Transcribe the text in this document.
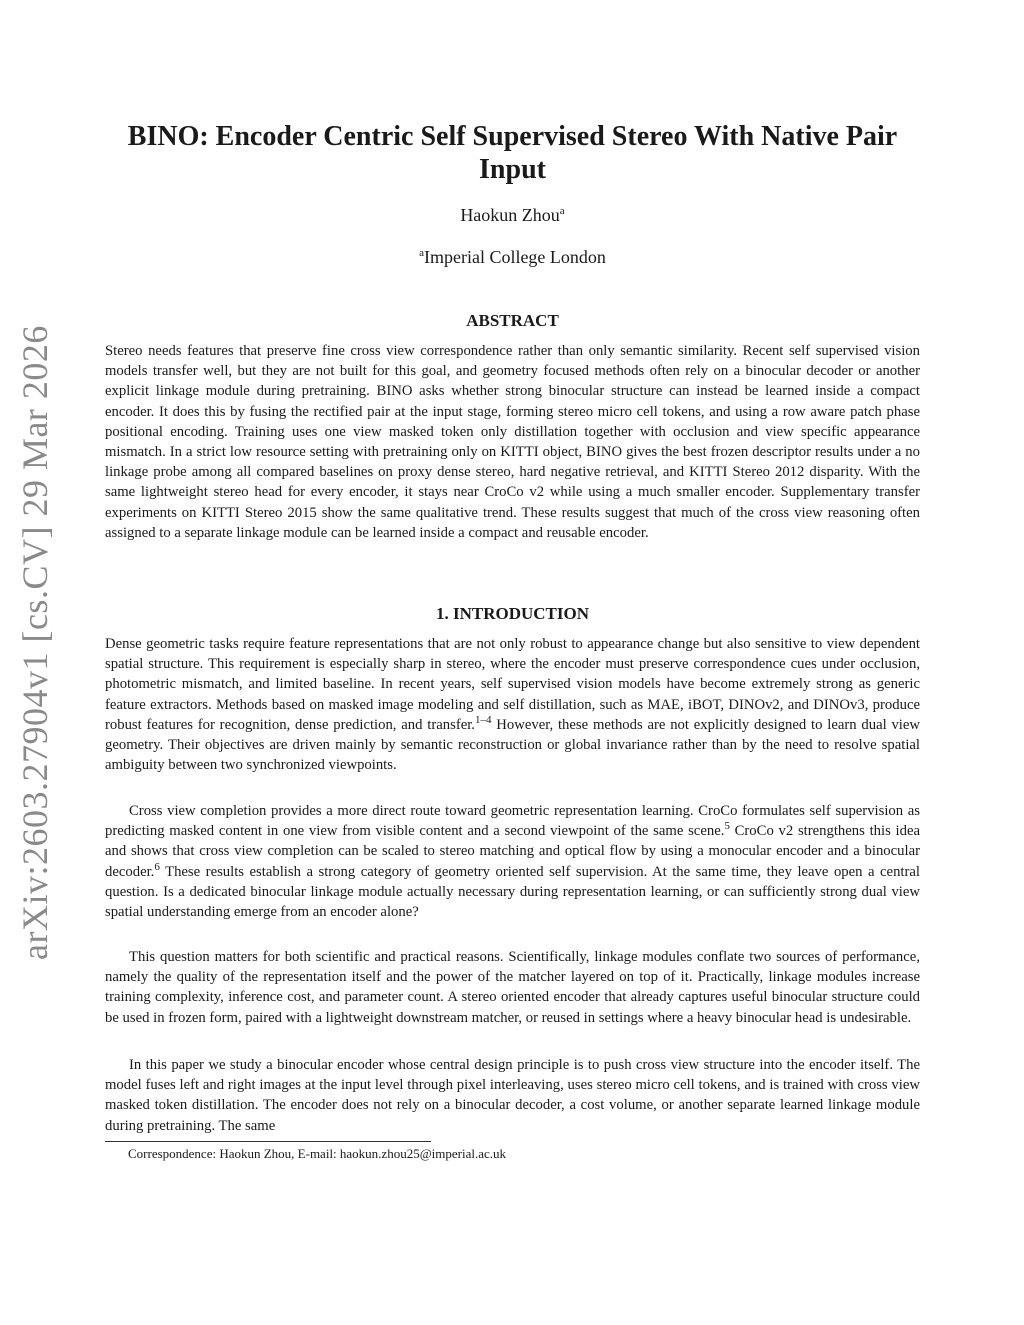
arXiv:2603.27904v1 [cs.CV] 29 Mar 2026
BINO: Encoder Centric Self Supervised Stereo With Native Pair Input
Haokun Zhou$^a$
$^a$Imperial College London
ABSTRACT

Stereo needs features that preserve fine cross view correspondence rather than only semantic similarity. Recent self supervised vision models transfer well, but they are not built for this goal, and geometry focused methods often rely on a binocular decoder or another explicit linkage module during pretraining. BINO asks whether strong binocular structure can instead be learned inside a compact encoder. It does this by fusing the rectified pair at the input stage, forming stereo micro cell tokens, and using a row aware patch phase positional encoding. Training uses one view masked token only distillation together with occlusion and view specific appearance mismatch. In a strict low resource setting with pretraining only on KITTI object, BINO gives the best frozen descriptor results under a no linkage probe among all compared baselines on proxy dense stereo, hard negative retrieval, and KITTI Stereo 2012 disparity. With the same lightweight stereo head for every encoder, it stays near CroCo v2 while using a much smaller encoder. Supplementary transfer experiments on KITTI Stereo 2015 show the same qualitative trend. These results suggest that much of the cross view reasoning often assigned to a separate linkage module can be learned inside a compact and reusable encoder.

1. INTRODUCTION

Dense geometric tasks require feature representations that are not only robust to appearance change but also sensitive to view dependent spatial structure. This requirement is especially sharp in stereo, where the encoder must preserve correspondence cues under occlusion, photometric mismatch, and limited baseline. In recent years, self supervised vision models have become extremely strong as generic feature extractors. Methods based on masked image modeling and self distillation, such as MAE, iBOT, DINOv2, and DINOv3, produce robust features for recognition, dense prediction, and transfer.$^{1-4}$ However, these methods are not explicitly designed to learn dual view geometry. Their objectives are driven mainly by semantic reconstruction or global invariance rather than by the need to resolve spatial ambiguity between two synchronized viewpoints.

Cross view completion provides a more direct route toward geometric representation learning. CroCo formulates self supervision as predicting masked content in one view from visible content and a second viewpoint of the same scene.$^5$ CroCo v2 strengthens this idea and shows that cross view completion can be scaled to stereo matching and optical flow by using a monocular encoder and a binocular decoder.$^6$ These results establish a strong category of geometry oriented self supervision. At the same time, they leave open a central question. Is a dedicated binocular linkage module actually necessary during representation learning, or can sufficiently strong dual view spatial understanding emerge from an encoder alone?

This question matters for both scientific and practical reasons. Scientifically, linkage modules conflate two sources of performance, namely the quality of the representation itself and the power of the matcher layered on top of it. Practically, linkage modules increase training complexity, inference cost, and parameter count. A stereo oriented encoder that already captures useful binocular structure could be used in frozen form, paired with a lightweight downstream matcher, or reused in settings where a heavy binocular head is undesirable.

In this paper we study a binocular encoder whose central design principle is to push cross view structure into the encoder itself. The model fuses left and right images at the input level through pixel interleaving, uses stereo micro cell tokens, and is trained with cross view masked token distillation. The encoder does not rely on a binocular decoder, a cost volume, or another separate learned linkage module during pretraining. The same

Correspondence: Haokun Zhou, E-mail: haokun.zhou25@imperial.ac.uk
